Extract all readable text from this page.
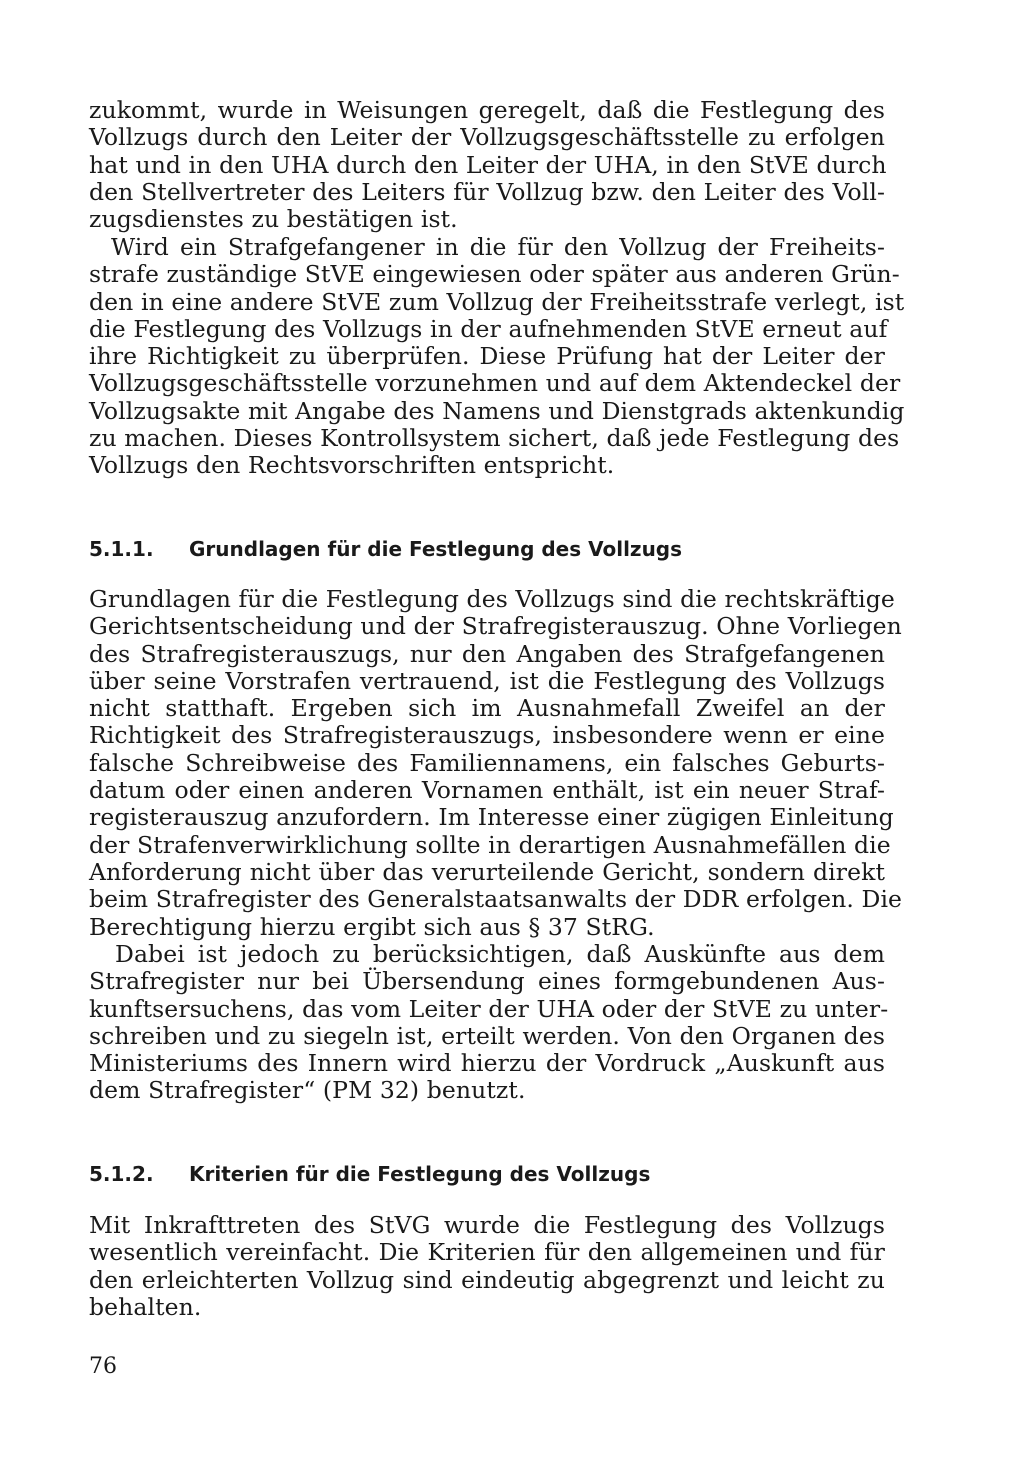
zukommt, wurde in Weisungen geregelt, daß die Festlegung des
Vollzugs durch den Leiter der Vollzugsgeschäftsstelle zu erfolgen
hat und in den UHA durch den Leiter der UHA, in den StVE durch
den Stellvertreter des Leiters für Vollzug bzw. den Leiter des Voll-
zugsdienstes zu bestätigen ist.
Wird ein Strafgefangener in die für den Vollzug der Freiheits-
strafe zuständige StVE eingewiesen oder später aus anderen Grün-
den in eine andere StVE zum Vollzug der Freiheitsstrafe verlegt, ist
die Festlegung des Vollzugs in der aufnehmenden StVE erneut auf
ihre Richtigkeit zu überprüfen. Diese Prüfung hat der Leiter der
Vollzugsgeschäftsstelle vorzunehmen und auf dem Aktendeckel der
Vollzugsakte mit Angabe des Namens und Dienstgrads aktenkundig
zu machen. Dieses Kontrollsystem sichert, daß jede Festlegung des
Vollzugs den Rechtsvorschriften entspricht.
5.1.1. Grundlagen für die Festlegung des Vollzugs
Grundlagen für die Festlegung des Vollzugs sind die rechtskräftige
Gerichtsentscheidung und der Strafregisterauszug. Ohne Vorliegen
des Strafregisterauszugs, nur den Angaben des Strafgefangenen
über seine Vorstrafen vertrauend, ist die Festlegung des Vollzugs
nicht statthaft. Ergeben sich im Ausnahmefall Zweifel an der
Richtigkeit des Strafregisterauszugs, insbesondere wenn er eine
falsche Schreibweise des Familiennamens, ein falsches Geburts-
datum oder einen anderen Vornamen enthält, ist ein neuer Straf-
registerauszug anzufordern. Im Interesse einer zügigen Einleitung
der Strafenverwirklichung sollte in derartigen Ausnahmefällen die
Anforderung nicht über das verurteilende Gericht, sondern direkt
beim Strafregister des Generalstaatsanwalts der DDR erfolgen. Die
Berechtigung hierzu ergibt sich aus § 37 StRG.
Dabei ist jedoch zu berücksichtigen, daß Auskünfte aus dem
Strafregister nur bei Übersendung eines formgebundenen Aus-
kunftsersuchens, das vom Leiter der UHA oder der StVE zu unter-
schreiben und zu siegeln ist, erteilt werden. Von den Organen des
Ministeriums des Innern wird hierzu der Vordruck „Auskunft aus
dem Strafregister“ (PM 32) benutzt.
5.1.2. Kriterien für die Festlegung des Vollzugs
Mit Inkrafttreten des StVG wurde die Festlegung des Vollzugs
wesentlich vereinfacht. Die Kriterien für den allgemeinen und für
den erleichterten Vollzug sind eindeutig abgegrenzt und leicht zu
behalten.
76
